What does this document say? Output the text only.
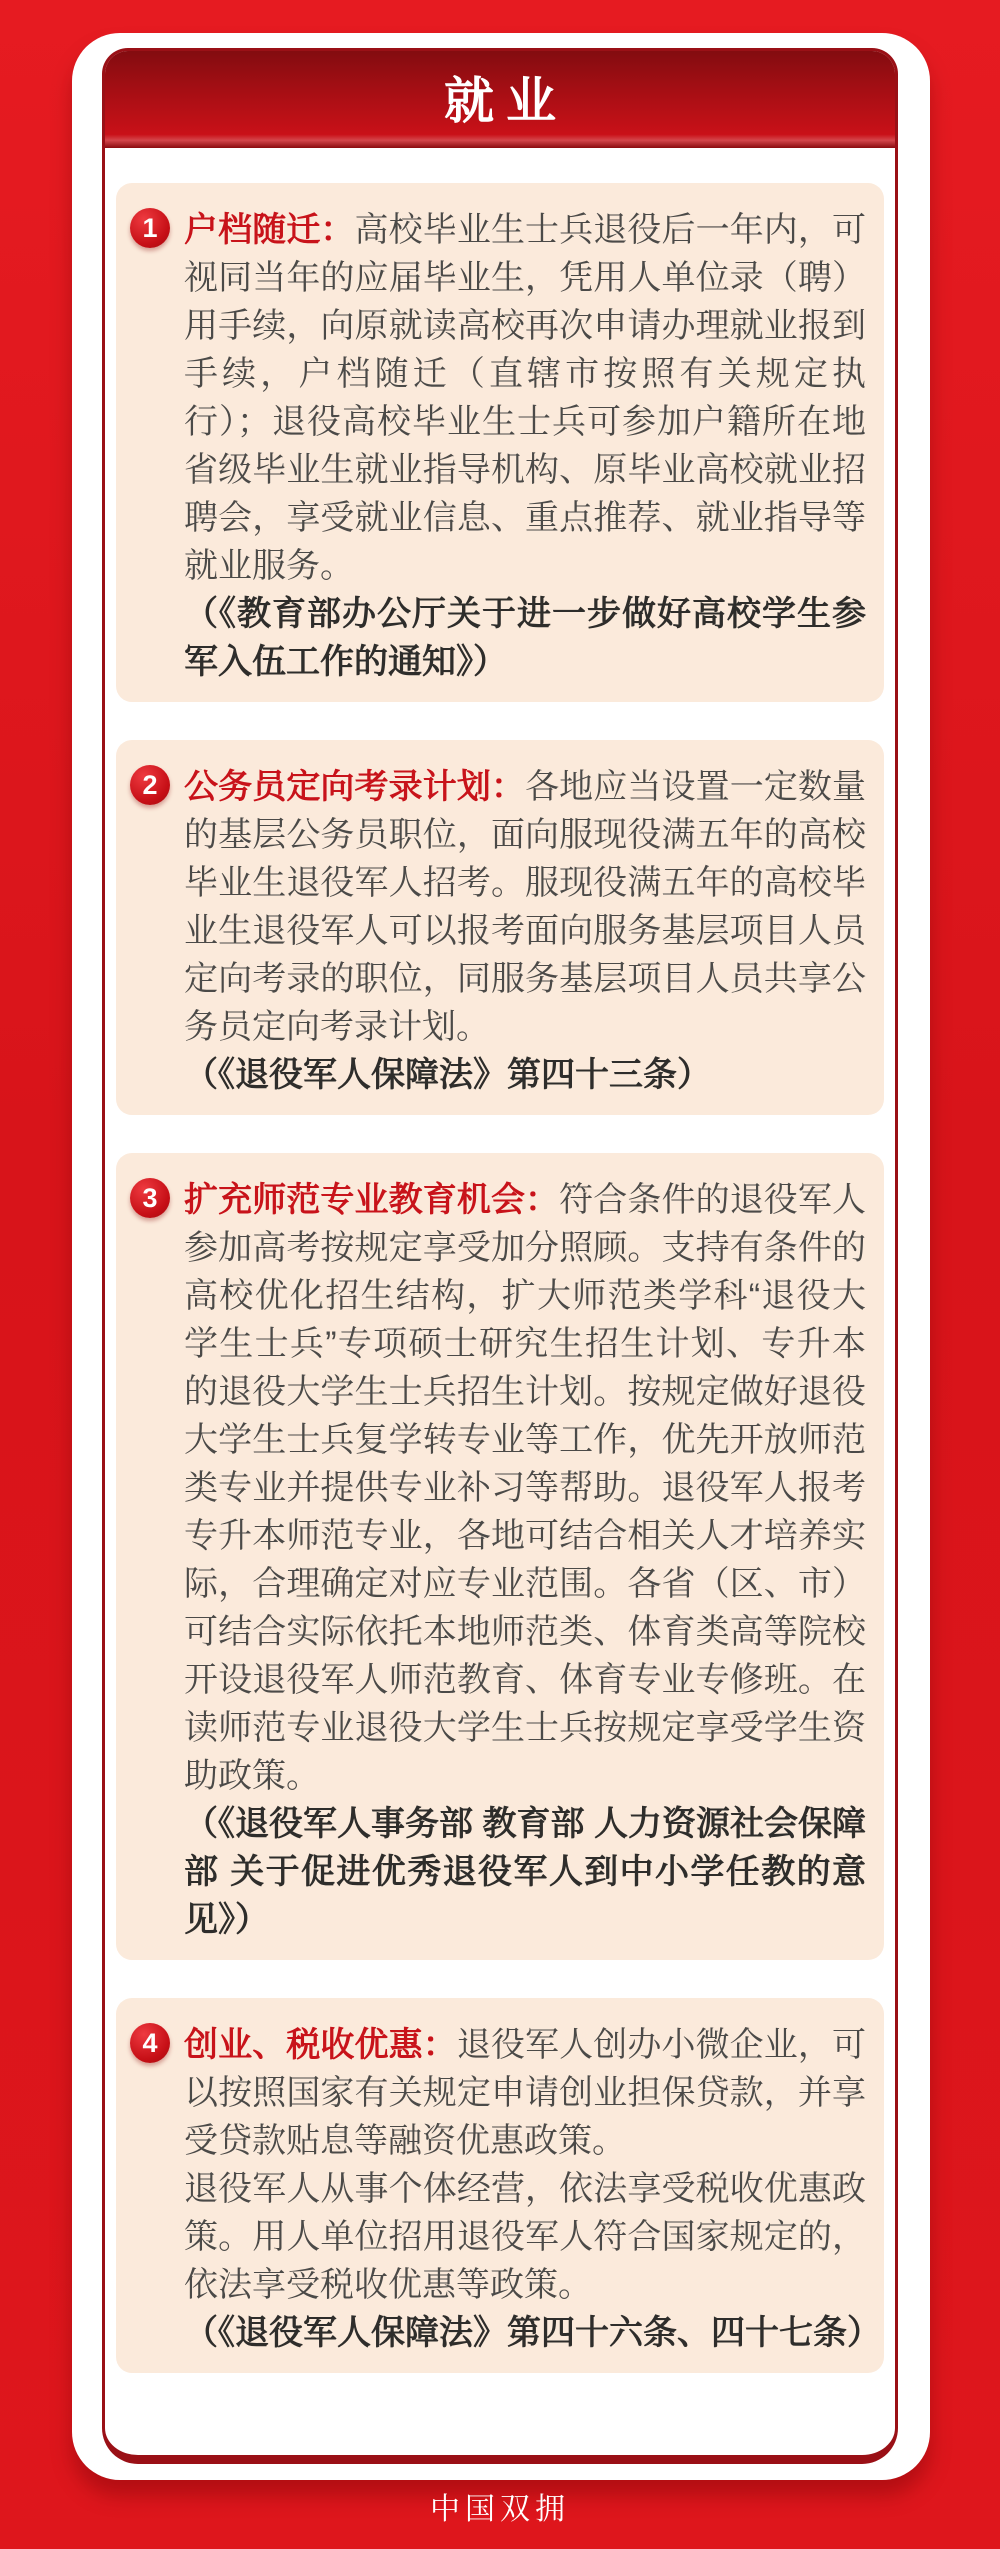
就业
1 户档随迁：高校毕业生士兵退役后一年内，可视同当年的应届毕业生，凭用人单位录（聘）用手续，向原就读高校再次申请办理就业报到手续，户档随迁（直辖市按照有关规定执行）；退役高校毕业生士兵可参加户籍所在地省级毕业生就业指导机构、原毕业高校就业招聘会，享受就业信息、重点推荐、就业指导等就业服务。

（《教育部办公厅关于进一步做好高校学生参军入伍工作的通知》）

2 公务员定向考录计划：各地应当设置一定数量的基层公务员职位，面向服现役满五年的高校毕业生退役军人招考。服现役满五年的高校毕业生退役军人可以报考面向服务基层项目人员定向考录的职位，同服务基层项目人员共享公务员定向考录计划。

（《退役军人保障法》第四十三条）

3 扩充师范专业教育机会：符合条件的退役军人参加高考按规定享受加分照顾。支持有条件的高校优化招生结构，扩大师范类学科“退役大学生士兵”专项硕士研究生招生计划、专升本的退役大学生士兵招生计划。按规定做好退役大学生士兵复学转专业等工作，优先开放师范类专业并提供专业补习等帮助。退役军人报考专升本师范专业，各地可结合相关人才培养实际，合理确定对应专业范围。各省（区、市）可结合实际依托本地师范类、体育类高等院校开设退役军人师范教育、体育专业专修班。在读师范专业退役大学生士兵按规定享受学生资助政策。

（《退役军人事务部 教育部 人力资源社会保障部 关于促进优秀退役军人到中小学任教的意见》）

4 创业、税收优惠：退役军人创办小微企业，可以按照国家有关规定申请创业担保贷款，并享受贷款贴息等融资优惠政策。

退役军人从事个体经营，依法享受税收优惠政策。用人单位招用退役军人符合国家规定的，依法享受税收优惠等政策。

（《退役军人保障法》第四十六条、四十七条）

中国双拥
